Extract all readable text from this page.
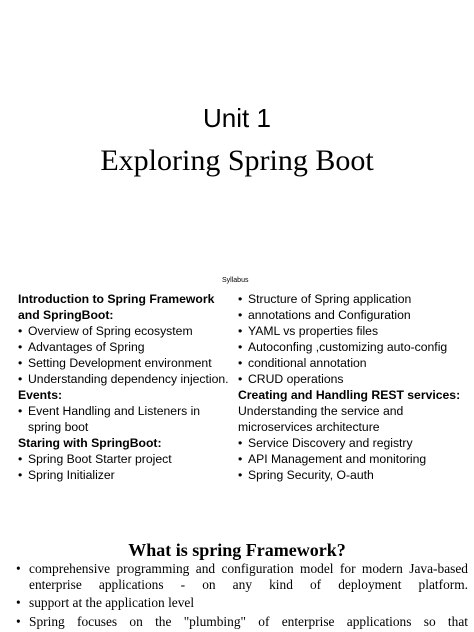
Unit 1
Exploring Spring Boot
Syllabus
Introduction to Spring Framework and SpringBoot:
• Overview of Spring ecosystem
• Advantages of Spring
• Setting Development environment
• Understanding dependency injection.
Events:
• Event Handling and Listeners in spring boot
Staring with SpringBoot:
• Spring Boot Starter project
• Spring Initializer
• Structure of Spring application
• annotations and Configuration
• YAML vs properties files
• Autoconfing ,customizing auto-config
• conditional annotation
• CRUD operations
Creating and Handling REST services:
Understanding the service and microservices architecture
• Service Discovery and registry
• API Management and monitoring
• Spring Security, O-auth
What is spring Framework?
• comprehensive programming and configuration model for modern Java-based enterprise applications - on any kind of deployment platform.
• support at the application level
• Spring focuses on the "plumbing" of enterprise applications so that
